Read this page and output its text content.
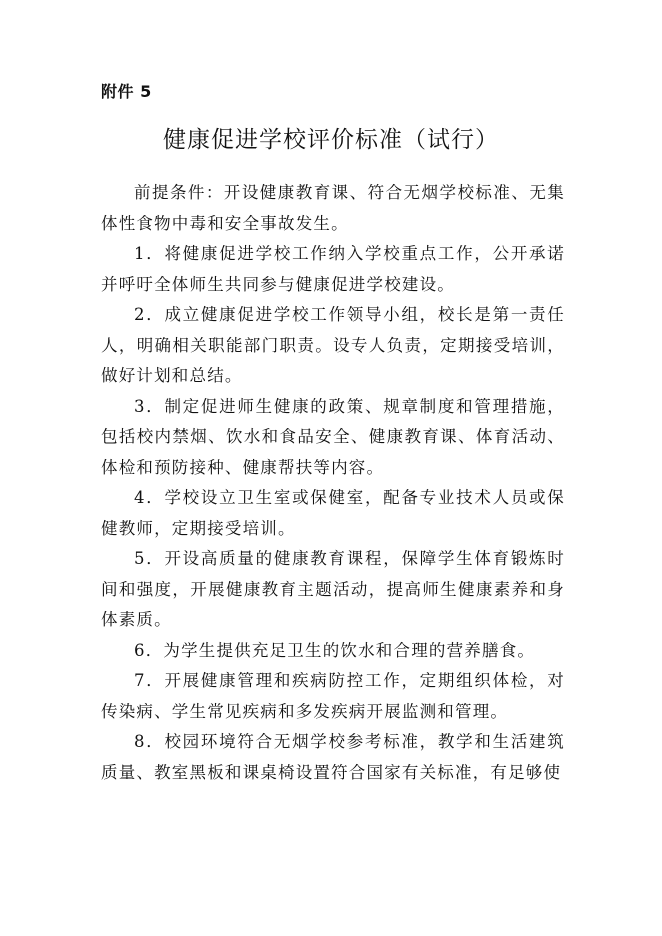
附件 5
健康促进学校评价标准（试行）

前提条件：开设健康教育课、符合无烟学校标准、无集体性食物中毒和安全事故发生。

1．将健康促进学校工作纳入学校重点工作，公开承诺并呼吁全体师生共同参与健康促进学校建设。

2．成立健康促进学校工作领导小组，校长是第一责任人，明确相关职能部门职责。设专人负责，定期接受培训，做好计划和总结。

3．制定促进师生健康的政策、规章制度和管理措施，包括校内禁烟、饮水和食品安全、健康教育课、体育活动、体检和预防接种、健康帮扶等内容。

4．学校设立卫生室或保健室，配备专业技术人员或保健教师，定期接受培训。

5．开设高质量的健康教育课程，保障学生体育锻炼时间和强度，开展健康教育主题活动，提高师生健康素养和身体素质。

6．为学生提供充足卫生的饮水和合理的营养膳食。

7．开展健康管理和疾病防控工作，定期组织体检，对传染病、学生常见疾病和多发疾病开展监测和管理。

8．校园环境符合无烟学校参考标准，教学和生活建筑质量、教室黑板和课桌椅设置符合国家有关标准，有足够使
